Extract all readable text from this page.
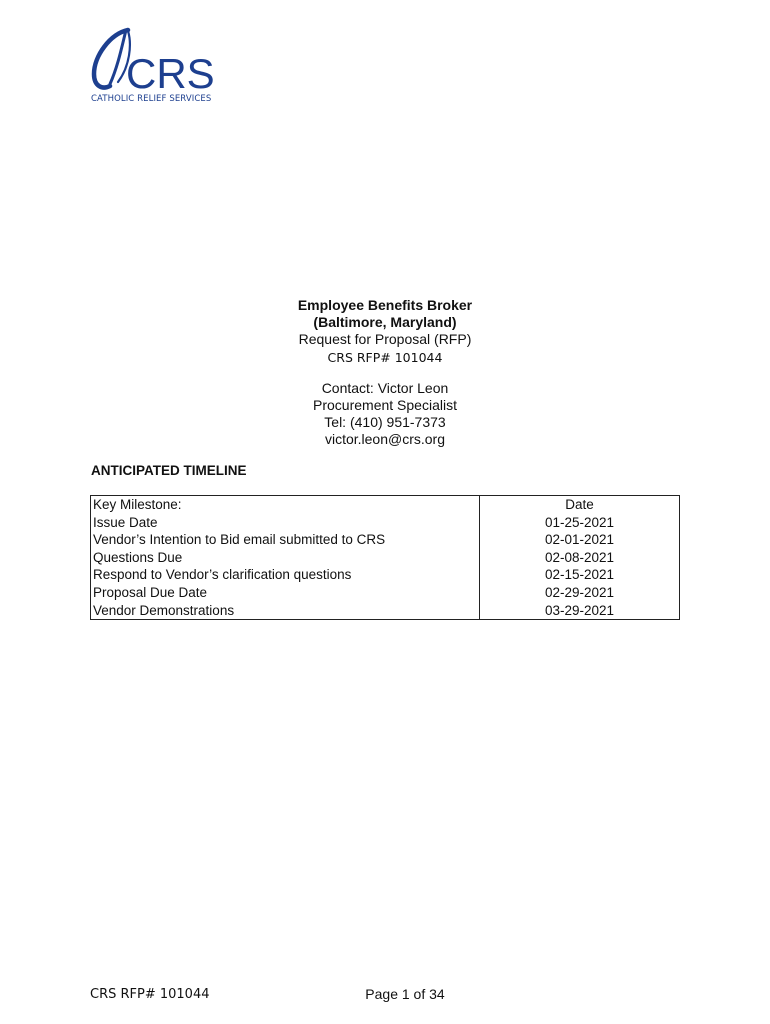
CRS
CATHOLIC RELIEF SERVICES
Employee Benefits Broker
(Baltimore, Maryland)
Request for Proposal (RFP)
CRS RFP# 101044
Contact: Victor Leon
Procurement Specialist
Tel: (410) 951-7373
victor.leon@crs.org
ANTICIPATED TIMELINE
Key Milestone:	Date
Issue Date	01-25-2021
Vendor’s Intention to Bid email submitted to CRS	02-01-2021
Questions Due	02-08-2021
Respond to Vendor’s clarification questions	02-15-2021
Proposal Due Date	02-29-2021
Vendor Demonstrations	03-29-2021
CRS RFP# 101044	Page 1 of 34
